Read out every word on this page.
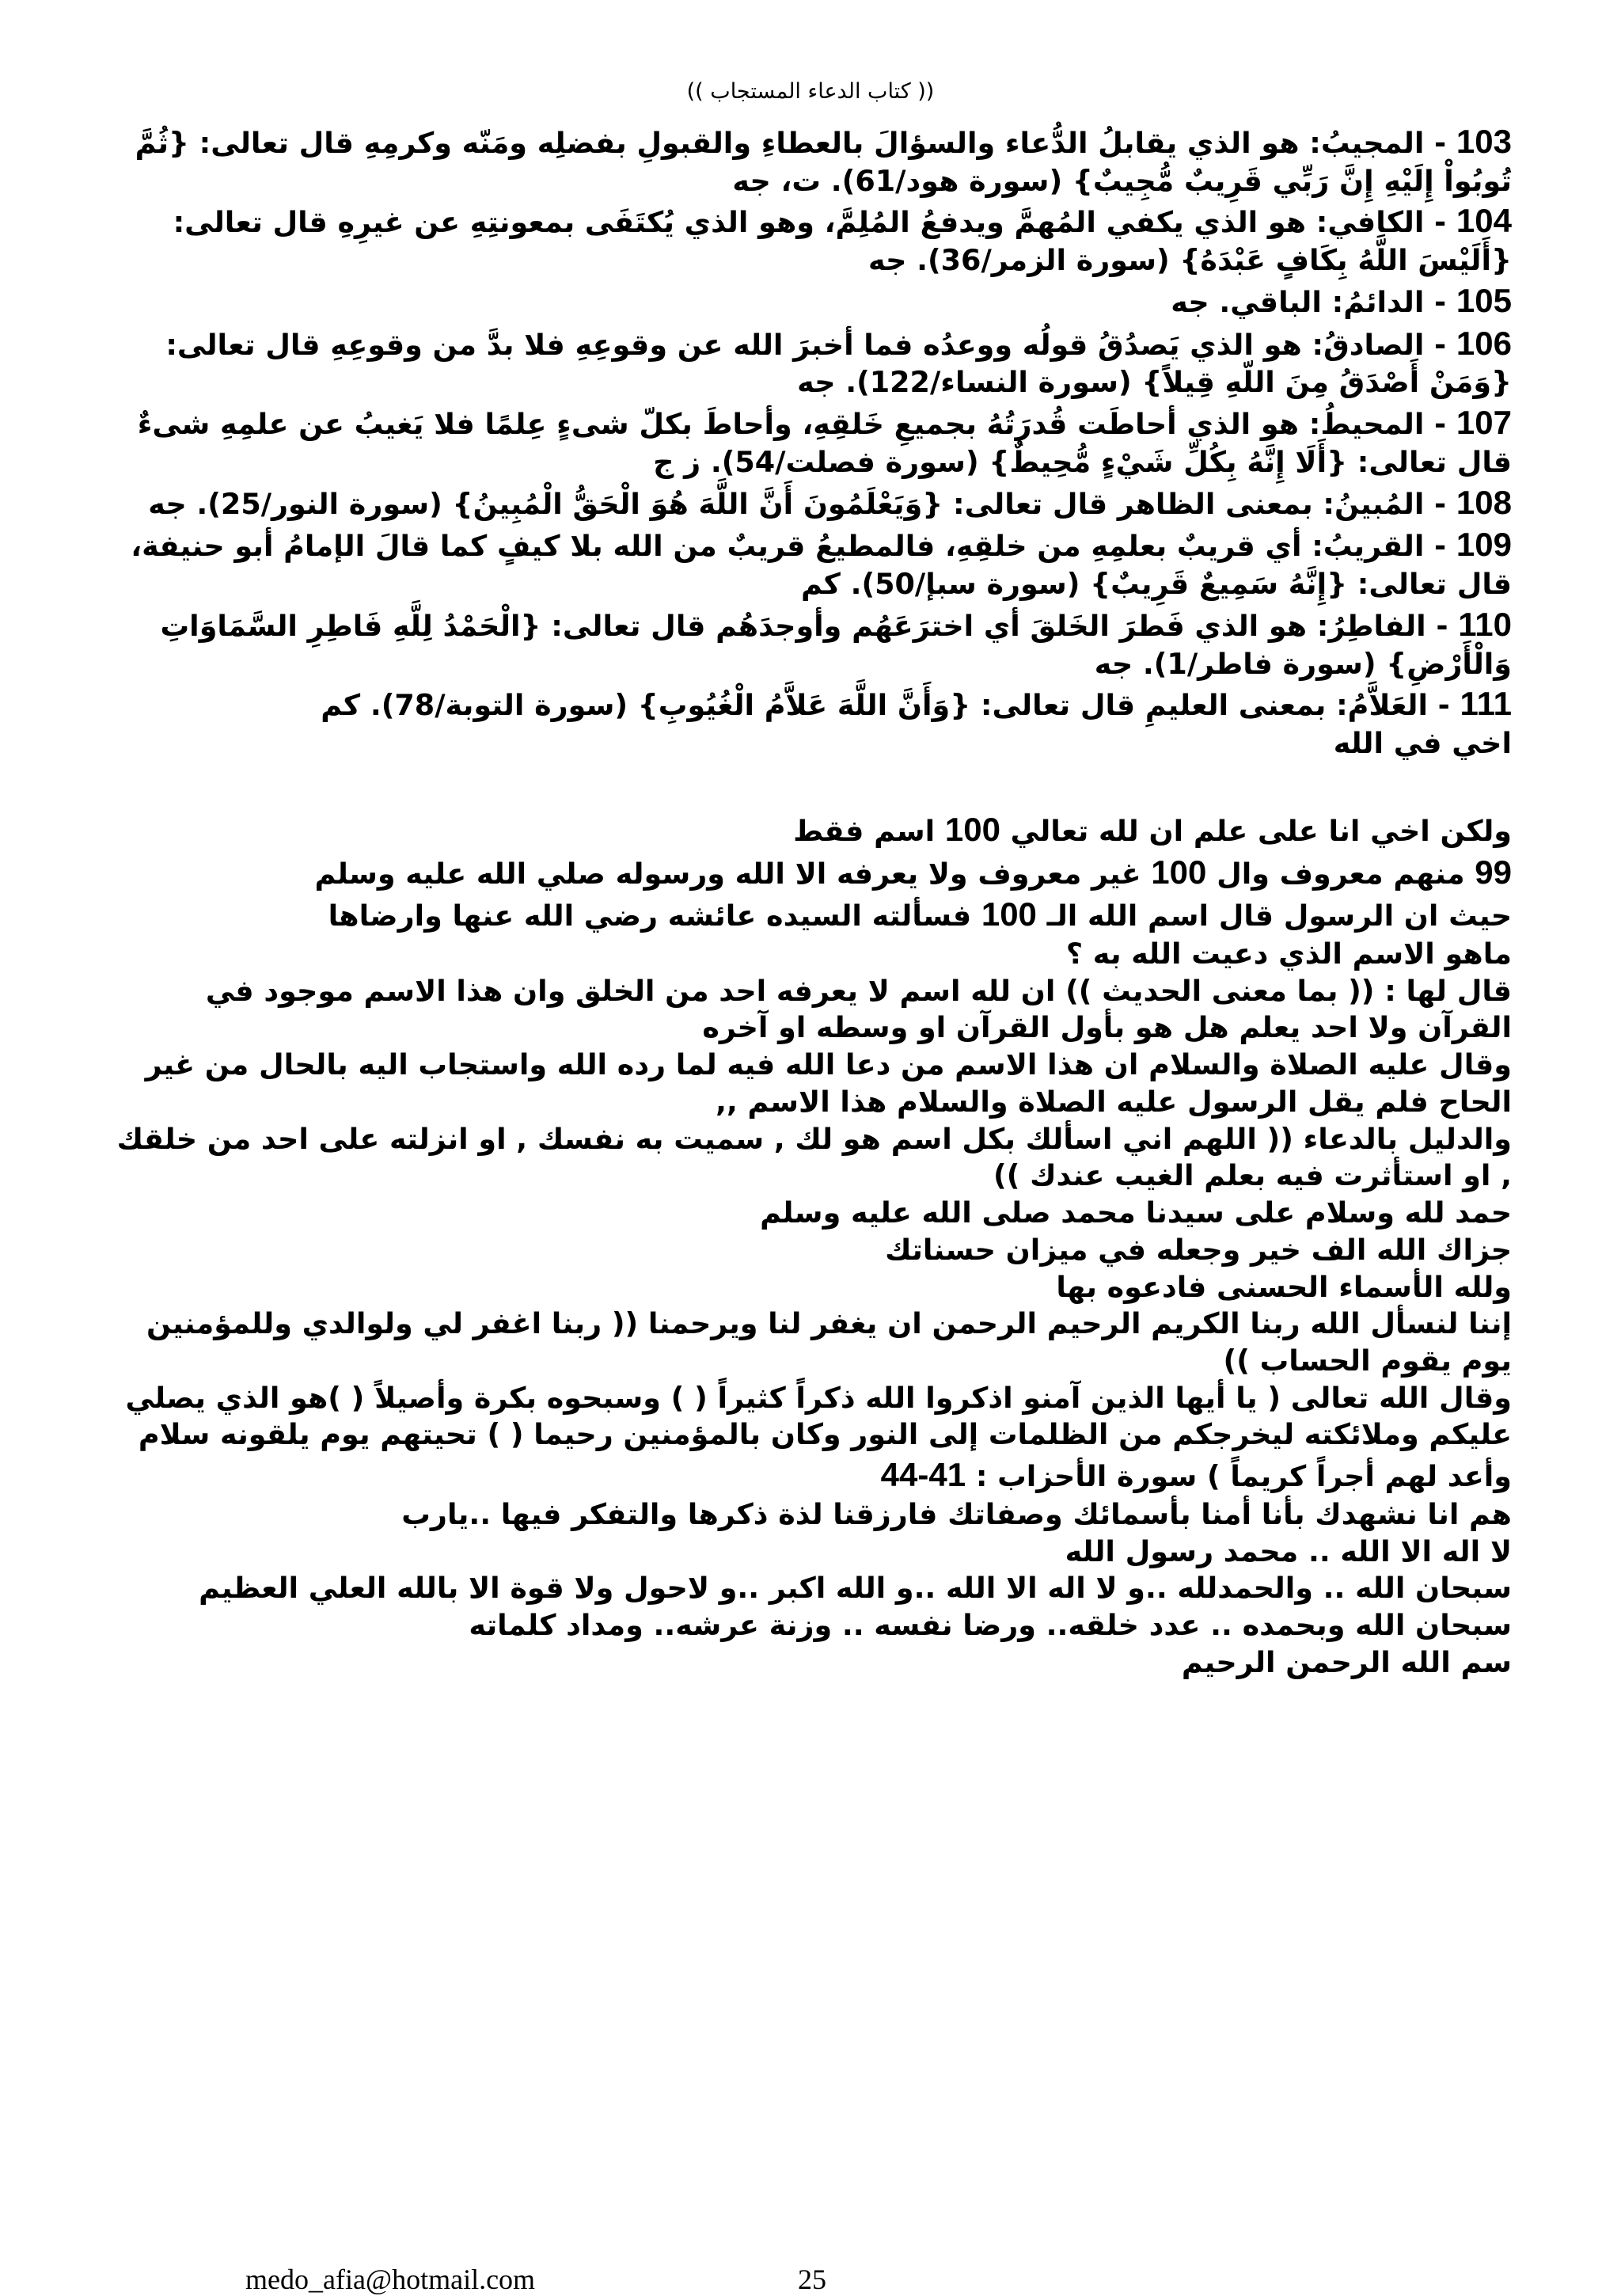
(( كتاب الدعاء المستجاب ))

103 - المجيبُ: هو الذي يقابلُ الدُّعاء والسؤالَ بالعطاءِ والقبولِ بفضلِه ومَنّه وكرمِهِ قال تعالى: {ثُمَّ تُوبُواْ إِلَيْهِ إِنَّ رَبِّي قَرِيبٌ مُّجِيبٌ} (سورة هود/61). ت، جه

104 - الكافي: هو الذي يكفي المُهمَّ ويدفعُ المُلِمَّ، وهو الذي يُكتَفَى بمعونتِهِ عن غيرِهِ قال تعالى: {أَلَيْسَ اللَّهُ بِكَافٍ عَبْدَهُ} (سورة الزمر/36). جه

105 - الدائمُ: الباقي. جه

106 - الصادقُ: هو الذي يَصدُقُ قولُه ووعدُه فما أخبرَ الله عن وقوعِهِ فلا بدَّ من وقوعِهِ قال تعالى: {وَمَنْ أَصْدَقُ مِنَ اللّهِ قِيلاً} (سورة النساء/122). جه

107 - المحيطُ: هو الذي أحاطَت قُدرَتُهُ بجميعِ خَلقِهِ، وأحاطَ بكلّ شىءٍ عِلمًا فلا يَغيبُ عن علمِهِ شىءٌ قال تعالى: {أَلَا إِنَّهُ بِكُلِّ شَيْءٍ مُّحِيطٌ} (سورة فصلت/54). ز ج

108 - المُبينُ: بمعنى الظاهر قال تعالى: {وَيَعْلَمُونَ أَنَّ اللَّهَ هُوَ الْحَقُّ الْمُبِينُ} (سورة النور/25). جه

109 - القريبُ: أي قريبٌ بعلمِهِ من خلقِهِ، فالمطيعُ قريبٌ من الله بلا كيفٍ كما قالَ الإمامُ أبو حنيفة، قال تعالى: {إِنَّهُ سَمِيعٌ قَرِيبٌ} (سورة سبإ/50). كم

110 - الفاطِرُ: هو الذي فَطرَ الخَلقَ أي اخترَعَهُم وأوجدَهُم قال تعالى: {الْحَمْدُ لِلَّهِ فَاطِرِ السَّمَاوَاتِ وَالْأَرْضِ} (سورة فاطر/1). جه

111 - العَلاَّمُ: بمعنى العليمِ قال تعالى: {وَأَنَّ اللَّهَ عَلاَّمُ الْغُيُوبِ} (سورة التوبة/78). كم

اخي في الله

ولكن اخي انا على علم ان لله تعالي 100 اسم فقط

99 منهم معروف وال 100 غير معروف ولا يعرفه الا الله ورسوله صلي الله عليه وسلم

حيث ان الرسول قال اسم الله الـ 100 فسألته السيده عائشه رضي الله عنها وارضاها

ماهو الاسم الذي دعيت الله به ؟

قال لها : (( بما معنى الحديث )) ان لله اسم لا يعرفه احد من الخلق وان هذا الاسم موجود في القرآن ولا احد يعلم هل هو بأول القرآن او وسطه او آخره

وقال عليه الصلاة والسلام ان هذا الاسم من دعا الله فيه لما رده الله واستجاب اليه بالحال من غير الحاح فلم يقل الرسول عليه الصلاة والسلام هذا الاسم ,,

والدليل بالدعاء (( اللهم اني اسألك بكل اسم هو لك , سميت به نفسك , او انزلته على احد من خلقك , او استأثرت فيه بعلم الغيب عندك ))

حمد لله وسلام على سيدنا محمد صلى الله عليه وسلم

جزاك الله الف خير وجعله في ميزان حسناتك

ولله الأسماء الحسنى فادعوه بها

إننا لنسأل الله ربنا الكريم الرحيم الرحمن ان يغفر لنا ويرحمنا (( ربنا اغفر لي ولوالدي وللمؤمنين يوم يقوم الحساب ))

وقال الله تعالى ( يا أيها الذين آمنو اذكروا الله ذكراً كثيراً ( ) وسبحوه بكرة وأصيلاً ( )هو الذي يصلي عليكم وملائكته ليخرجكم من الظلمات إلى النور وكان بالمؤمنين رحيما ( ) تحيتهم يوم يلقونه سلام وأعد لهم أجراً كريماً ) سورة الأحزاب : 41-44

هم انا نشهدك بأنا أمنا بأسمائك وصفاتك فارزقنا لذة ذكرها والتفكر فيها ..يارب

لا اله الا الله .. محمد رسول الله

سبحان الله .. والحمدلله ..و لا اله الا الله ..و الله اكبر ..و لاحول ولا قوة الا بالله العلي العظيم

سبحان الله وبحمده .. عدد خلقه.. ورضا نفسه .. وزنة عرشه.. ومداد كلماته

سم الله الرحمن الرحيم

medo_afia@hotmail.com	25
